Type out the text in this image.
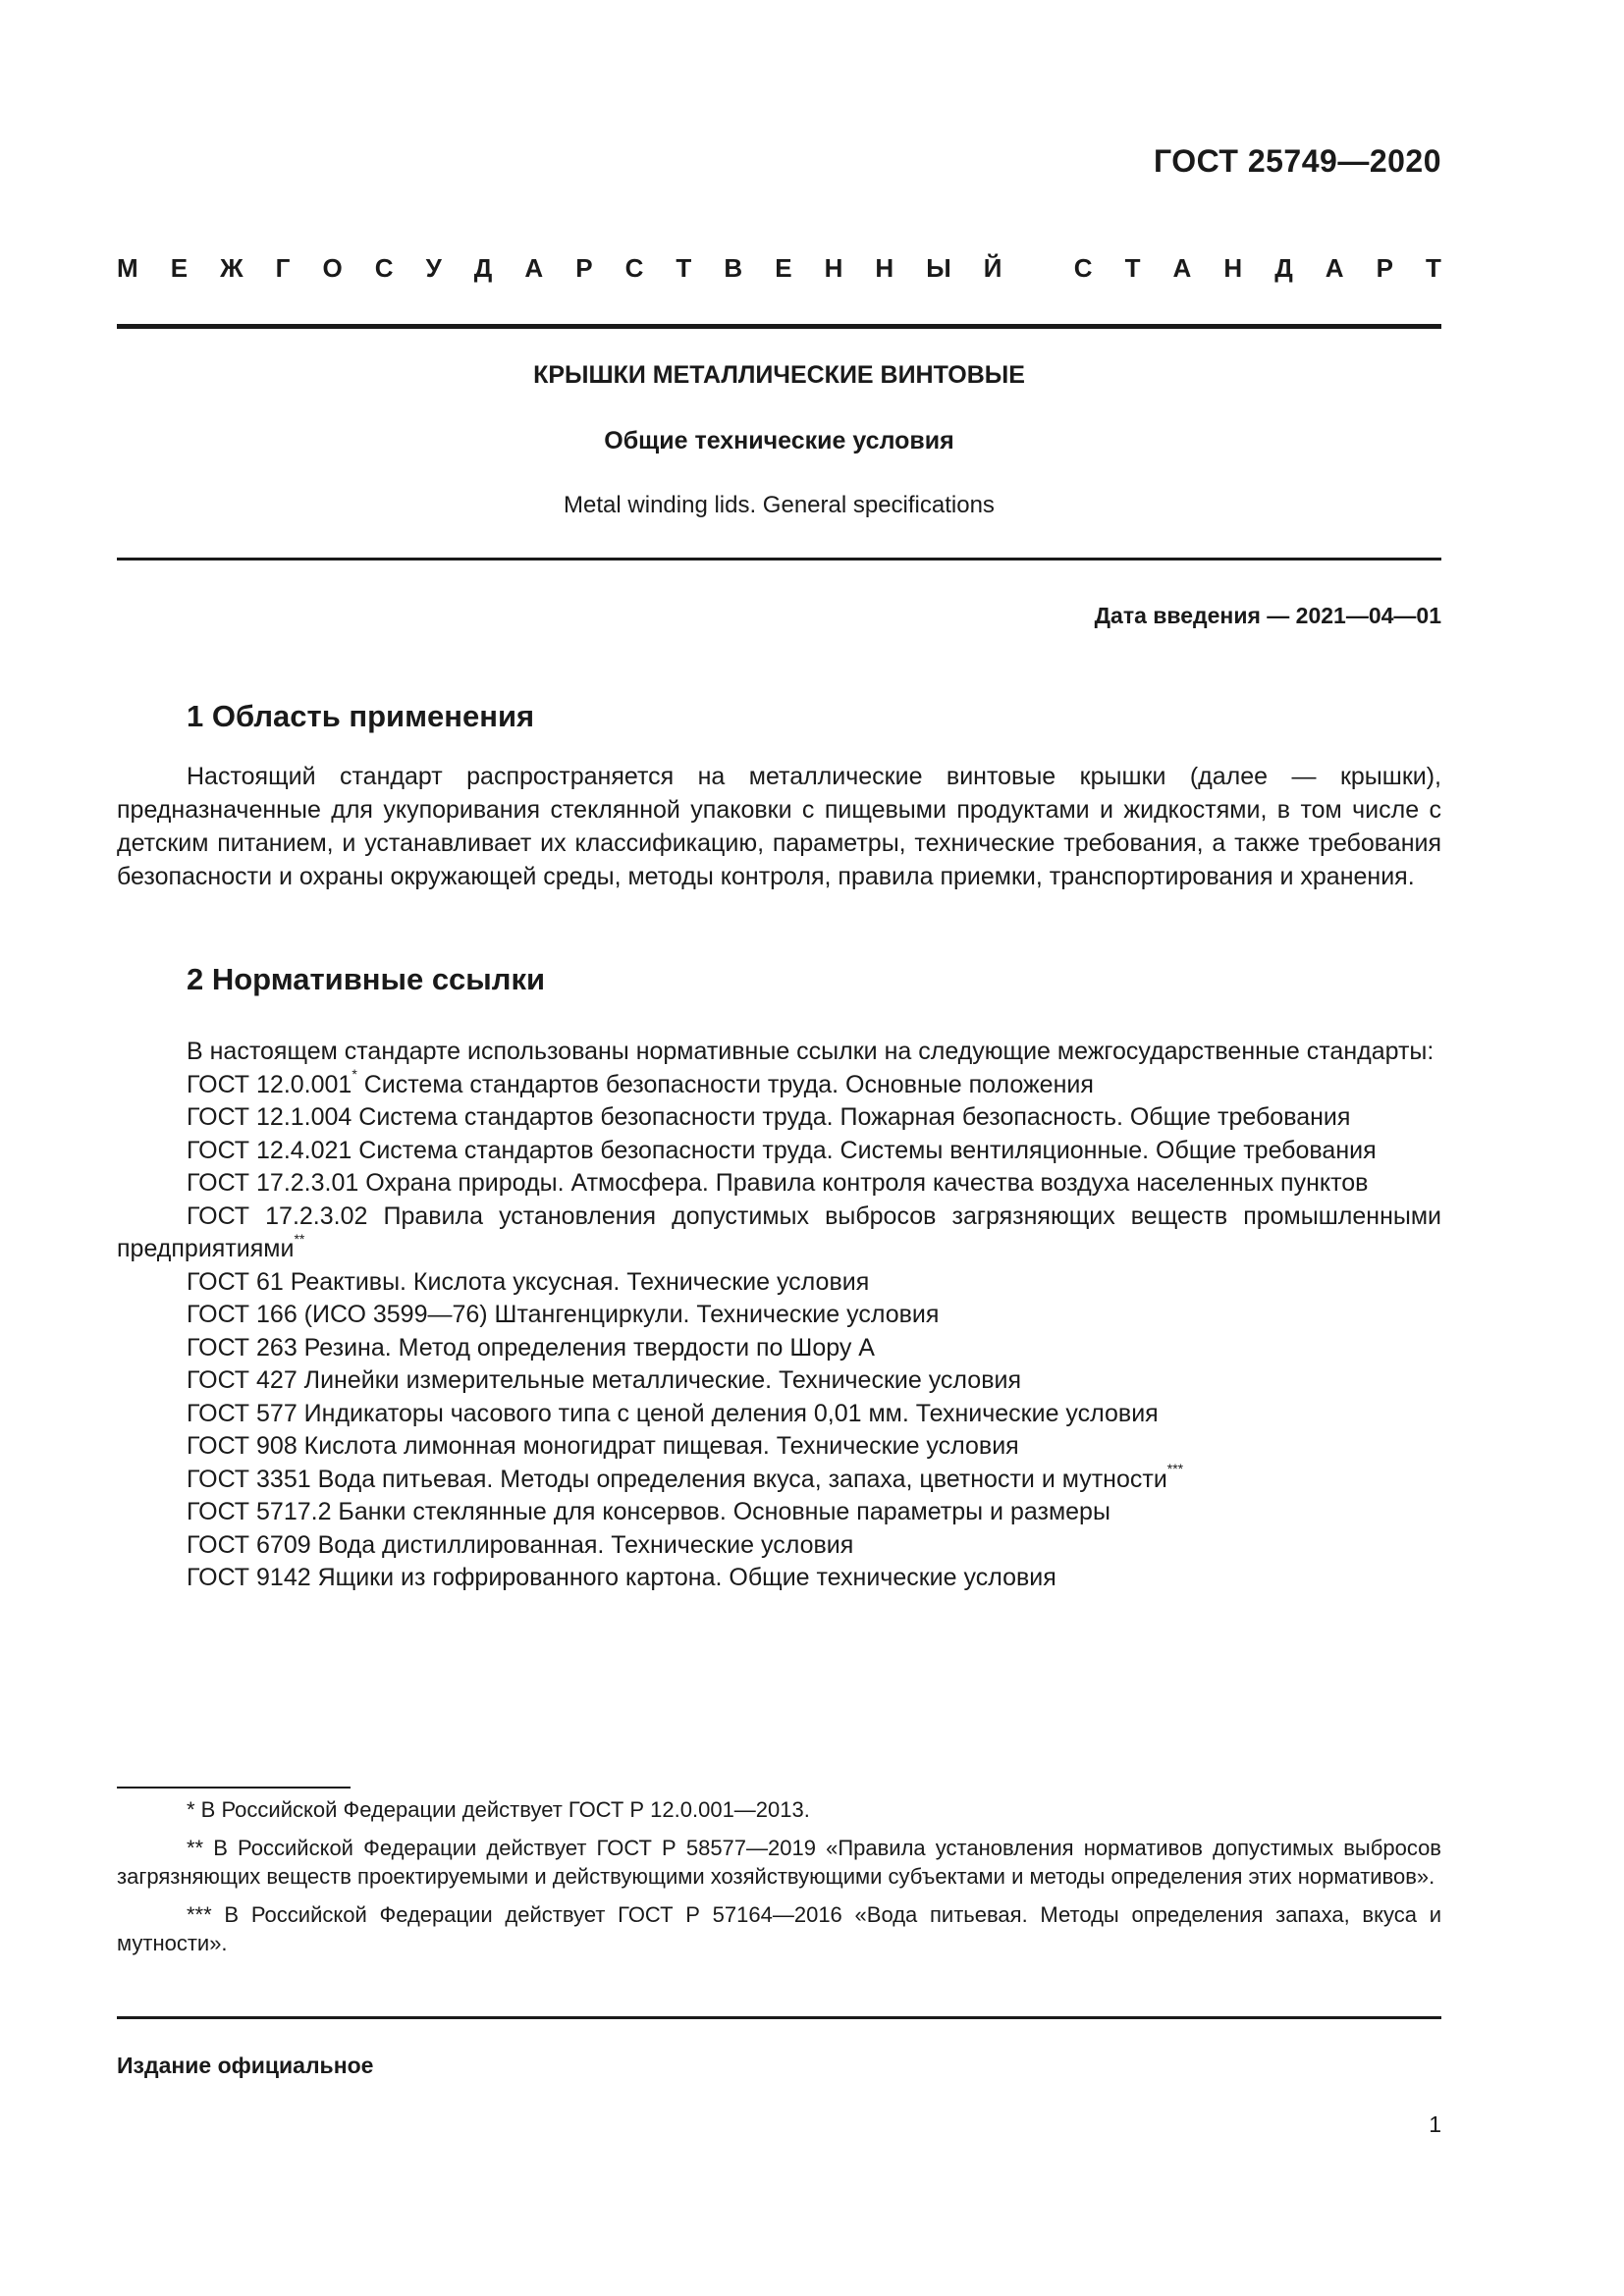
ГОСТ 25749—2020
М Е Ж Г О С У Д А Р С Т В Е Н Н Ы Й
	С Т А Н Д А Р Т
КРЫШКИ МЕТАЛЛИЧЕСКИЕ ВИНТОВЫЕ
Общие технические условия
Metal winding lids. General specifications
Дата введения — 2021—04—01
1 Область применения
Настоящий стандарт распространяется на металлические винтовые крышки (далее — крышки), предназначенные для укупоривания стеклянной упаковки с пищевыми продуктами и жидкостями, в том числе с детским питанием, и устанавливает их классификацию, параметры, технические требования, а также требования безопасности и охраны окружающей среды, методы контроля, правила приемки, транспортирования и хранения.
2 Нормативные ссылки
В настоящем стандарте использованы нормативные ссылки на следующие межгосударственные стандарты:
ГОСТ 12.0.001* Система стандартов безопасности труда. Основные положения
ГОСТ 12.1.004 Система стандартов безопасности труда. Пожарная безопасность. Общие требования
ГОСТ 12.4.021 Система стандартов безопасности труда. Системы вентиляционные. Общие требования
ГОСТ 17.2.3.01 Охрана природы. Атмосфера. Правила контроля качества воздуха населенных пунктов
ГОСТ 17.2.3.02 Правила установления допустимых выбросов загрязняющих веществ промышленными предприятиями**
ГОСТ 61 Реактивы. Кислота уксусная. Технические условия
ГОСТ 166 (ИСО 3599—76) Штангенциркули. Технические условия
ГОСТ 263 Резина. Метод определения твердости по Шору А
ГОСТ 427 Линейки измерительные металлические. Технические условия
ГОСТ 577 Индикаторы часового типа с ценой деления 0,01 мм. Технические условия
ГОСТ 908 Кислота лимонная моногидрат пищевая. Технические условия
ГОСТ 3351 Вода питьевая. Методы определения вкуса, запаха, цветности и мутности***
ГОСТ 5717.2 Банки стеклянные для консервов. Основные параметры и размеры
ГОСТ 6709 Вода дистиллированная. Технические условия
ГОСТ 9142 Ящики из гофрированного картона. Общие технические условия
* В Российской Федерации действует ГОСТ Р 12.0.001—2013.
** В Российской Федерации действует ГОСТ Р 58577—2019 «Правила установления нормативов допустимых выбросов загрязняющих веществ проектируемыми и действующими хозяйствующими субъектами и методы определения этих нормативов».
*** В Российской Федерации действует ГОСТ Р 57164—2016 «Вода питьевая. Методы определения запаха, вкуса и мутности».
Издание официальное
1
